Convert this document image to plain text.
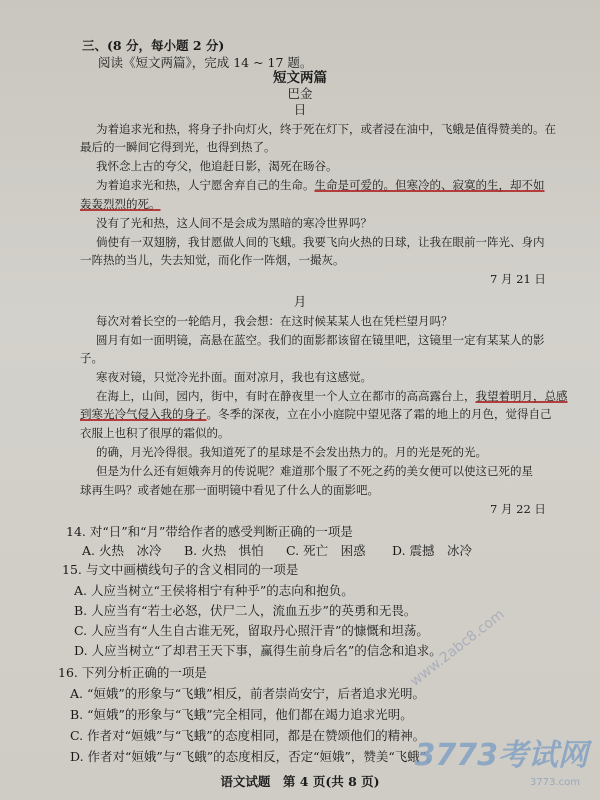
三、(8 分，每小题 2 分)
阅读《短文两篇》，完成 14 ~ 17 题。
短文两篇
巴金
日
为着追求光和热，将身子扑向灯火，终于死在灯下，或者浸在油中，飞蛾是值得赞美的。在
最后的一瞬间它得到光，也得到热了。
我怀念上古的夸父，他追赶日影，渴死在旸谷。
为着追求光和热，人宁愿舍弃自己的生命。生命是可爱的。但寒冷的、寂寞的生，却不如
轰轰烈烈的死。
没有了光和热，这人间不是会成为黑暗的寒冷世界吗？
倘使有一双翅膀，我甘愿做人间的飞蛾。我要飞向火热的日球，让我在眼前一阵光、身内
一阵热的当儿，失去知觉，而化作一阵烟，一撮灰。
7 月 21 日
月
每次对着长空的一轮皓月，我会想：在这时候某某人也在凭栏望月吗？
圆月有如一面明镜，高悬在蓝空。我们的面影都该留在镜里吧，这镜里一定有某某人的影
子。
寒夜对镜，只觉冷光扑面。面对凉月，我也有这感觉。
在海上，山间，园内，街中，有时在静夜里一个人立在都市的高高露台上，我望着明月，总感
到寒光冷气侵入我的身子。冬季的深夜，立在小小庭院中望见落了霜的地上的月色，觉得自己
衣服上也积了很厚的霜似的。
的确，月光冷得很。我知道死了的星球是不会发出热力的。月的光是死的光。
但是为什么还有姮娥奔月的传说呢？难道那个服了不死之药的美女便可以使这已死的星
球再生吗？或者她在那一面明镜中看见了什么人的面影吧。
7 月 22 日
14. 对“日”和“月”带给作者的感受判断正确的一项是
A. 火热　冰冷 B. 火热　惧怕 C. 死亡　困惑 D. 震撼　冰冷
15. 与文中画横线句子的含义相同的一项是
A. 人应当树立“王侯将相宁有种乎”的志向和抱负。
B. 人应当有“若士必怒，伏尸二人，流血五步”的英勇和无畏。
C. 人应当有“人生自古谁无死，留取丹心照汗青”的慷慨和坦荡。
D. 人应当树立“了却君王天下事，赢得生前身后名”的信念和追求。
16. 下列分析正确的一项是
A. “姮娥”的形象与“飞蛾”相反，前者崇尚安宁，后者追求光明。
B. “姮娥”的形象与“飞蛾”完全相同，他们都在竭力追求光明。
C. 作者对“姮娥”与“飞蛾”的态度相同，都是在赞颂他们的精神。
D. 作者对“姮娥”与“飞蛾”的态度相反，否定“姮娥”，赞美“飞蛾”。
语文试题　第 4 页(共 8 页)
www.2abc8.com
3773考试网
3773.com
